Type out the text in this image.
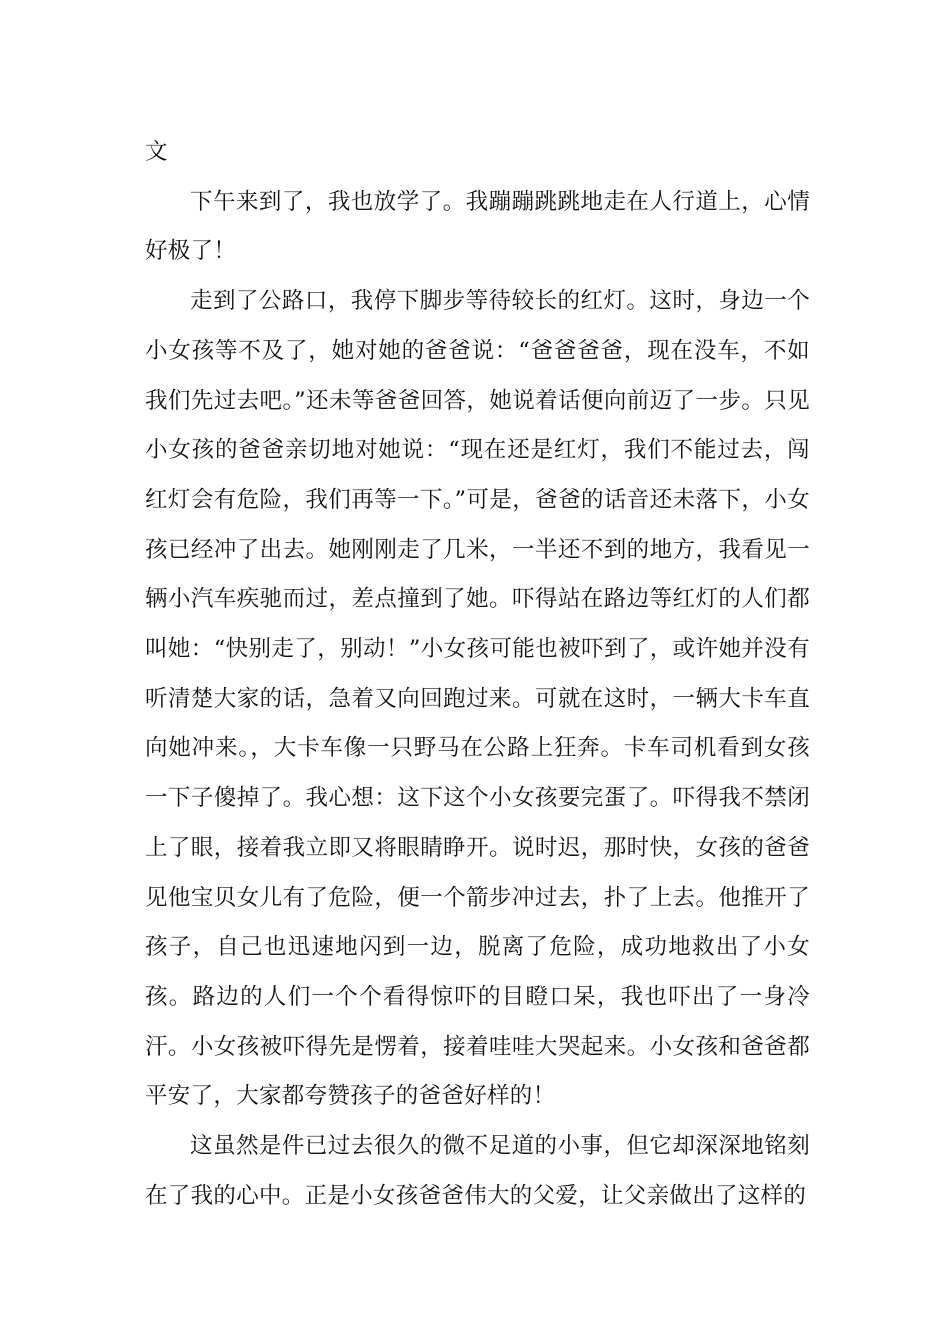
文

下午来到了，我也放学了。我蹦蹦跳跳地走在人行道上，心情好极了！

走到了公路口，我停下脚步等待较长的红灯。这时，身边一个小女孩等不及了，她对她的爸爸说：“爸爸爸爸，现在没车，不如我们先过去吧。”还未等爸爸回答，她说着话便向前迈了一步。只见小女孩的爸爸亲切地对她说：“现在还是红灯，我们不能过去，闯红灯会有危险，我们再等一下。”可是，爸爸的话音还未落下，小女孩已经冲了出去。她刚刚走了几米，一半还不到的地方，我看见一辆小汽车疾驰而过，差点撞到了她。吓得站在路边等红灯的人们都叫她：“快别走了，别动！”小女孩可能也被吓到了，或许她并没有听清楚大家的话，急着又向回跑过来。可就在这时，一辆大卡车直向她冲来。，大卡车像一只野马在公路上狂奔。卡车司机看到女孩一下子傻掉了。我心想：这下这个小女孩要完蛋了。吓得我不禁闭上了眼，接着我立即又将眼睛睁开。说时迟，那时快，女孩的爸爸见他宝贝女儿有了危险，便一个箭步冲过去，扑了上去。他推开了孩子，自己也迅速地闪到一边，脱离了危险，成功地救出了小女孩。路边的人们一个个看得惊吓的目瞪口呆，我也吓出了一身冷汗。小女孩被吓得先是愣着，接着哇哇大哭起来。小女孩和爸爸都平安了，大家都夸赞孩子的爸爸好样的！

这虽然是件已过去很久的微不足道的小事，但它却深深地铭刻在了我的心中。正是小女孩爸爸伟大的父爱，让父亲做出了这样的
